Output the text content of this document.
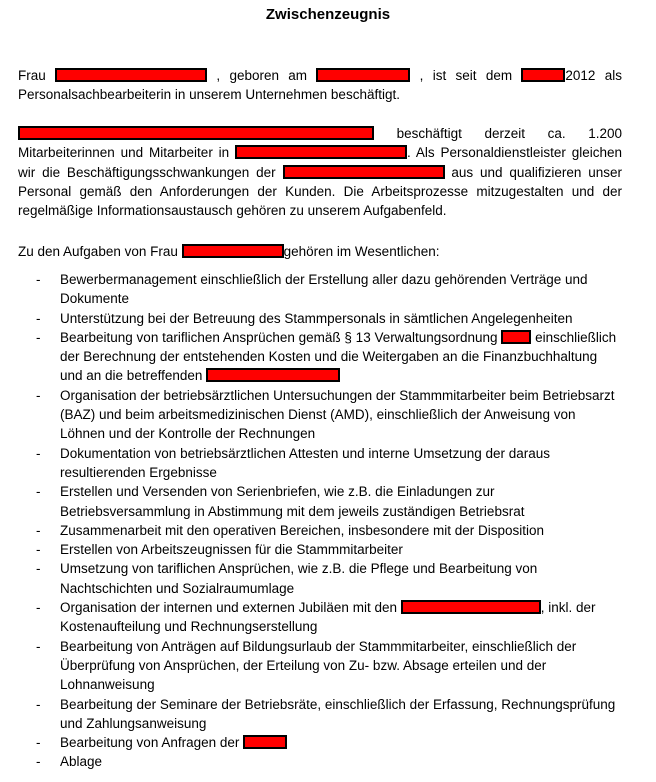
Zwischenzeugnis
Frau	, geboren am	, ist seit dem	2012 als Personalsachbearbeiterin in unserem Unternehmen beschäftigt.
beschäftigt derzeit ca. 1.200 Mitarbeiterinnen und Mitarbeiter in	. Als Personaldienstleister gleichen wir die Beschäftigungsschwankungen der	aus und qualifizieren unser Personal gemäß den Anforderungen der Kunden. Die Arbeitsprozesse mitzugestalten und der regelmäßige Informationsaustausch gehören zu unserem Aufgabenfeld.
Zu den Aufgaben von Frau	gehören im Wesentlichen:
- Bewerbermanagement einschließlich der Erstellung aller dazu gehörenden Verträge und Dokumente
- Unterstützung bei der Betreuung des Stammpersonals in sämtlichen Angelegenheiten
- Bearbeitung von tariflichen Ansprüchen gemäß § 13 Verwaltungsordnung	einschließlich der Berechnung der entstehenden Kosten und die Weitergaben an die Finanzbuchhaltung und an die betreffenden
- Organisation der betriebsärztlichen Untersuchungen der Stammmitarbeiter beim Betriebsarzt (BAZ) und beim arbeitsmedizinischen Dienst (AMD), einschließlich der Anweisung von Löhnen und der Kontrolle der Rechnungen
- Dokumentation von betriebsärztlichen Attesten und interne Umsetzung der daraus resultierenden Ergebnisse
- Erstellen und Versenden von Serienbriefen, wie z.B. die Einladungen zur Betriebsversammlung in Abstimmung mit dem jeweils zuständigen Betriebsrat
- Zusammenarbeit mit den operativen Bereichen, insbesondere mit der Disposition
- Erstellen von Arbeitszeugnissen für die Stammmitarbeiter
- Umsetzung von tariflichen Ansprüchen, wie z.B. die Pflege und Bearbeitung von Nachtschichten und Sozialraumumlage
- Organisation der internen und externen Jubiläen mit den	, inkl. der Kostenaufteilung und Rechnungserstellung
- Bearbeitung von Anträgen auf Bildungsurlaub der Stammmitarbeiter, einschließlich der Überprüfung von Ansprüchen, der Erteilung von Zu- bzw. Absage erteilen und der Lohnanweisung
- Bearbeitung der Seminare der Betriebsräte, einschließlich der Erfassung, Rechnungsprüfung und Zahlungsanweisung
- Bearbeitung von Anfragen der
- Ablage
